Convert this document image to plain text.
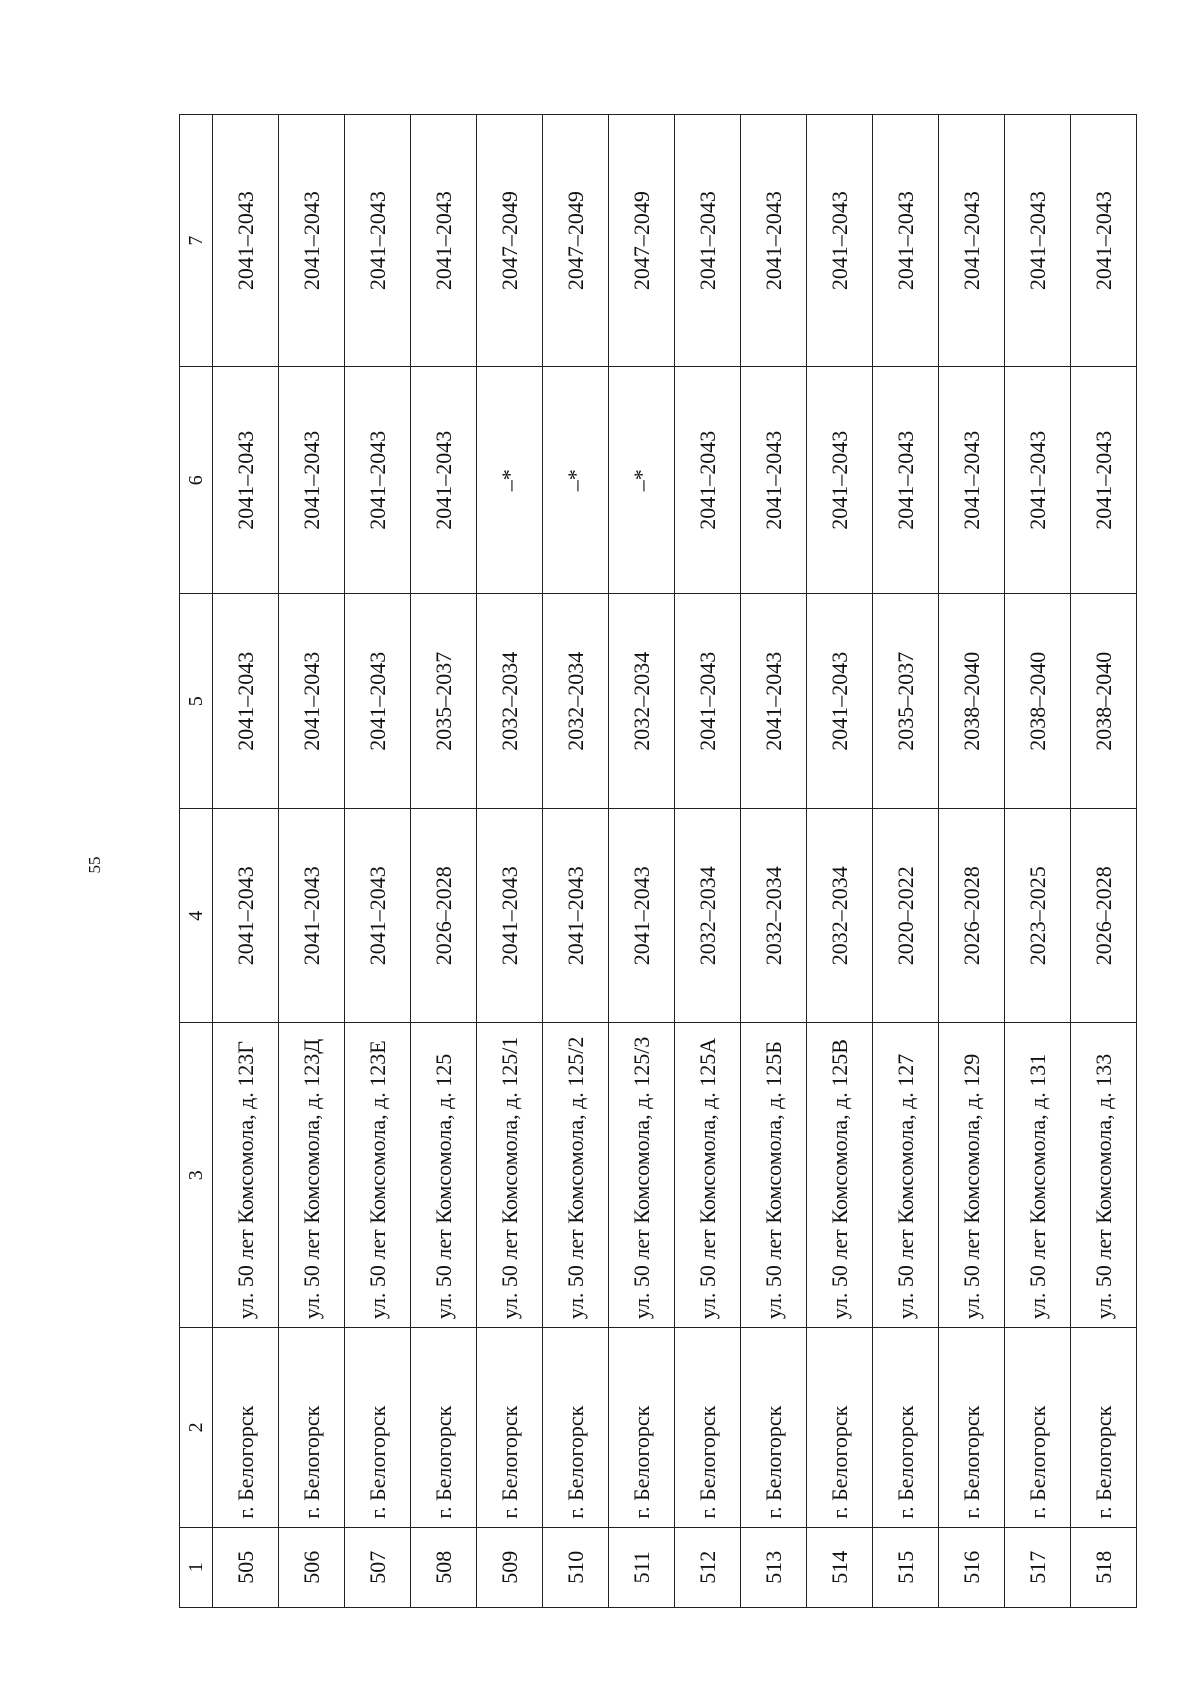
55
1	2	3	4	5	6	7
505	г. Белогорск	ул. 50 лет Комсомола, д. 123Г	2041–2043	2041–2043	2041–2043	2041–2043
506	г. Белогорск	ул. 50 лет Комсомола, д. 123Д	2041–2043	2041–2043	2041–2043	2041–2043
507	г. Белогорск	ул. 50 лет Комсомола, д. 123Е	2041–2043	2041–2043	2041–2043	2041–2043
508	г. Белогорск	ул. 50 лет Комсомола, д. 125	2026–2028	2035–2037	2041–2043	2041–2043
509	г. Белогорск	ул. 50 лет Комсомола, д. 125/1	2041–2043	2032–2034	–*	2047–2049
510	г. Белогорск	ул. 50 лет Комсомола, д. 125/2	2041–2043	2032–2034	–*	2047–2049
511	г. Белогорск	ул. 50 лет Комсомола, д. 125/3	2041–2043	2032–2034	–*	2047–2049
512	г. Белогорск	ул. 50 лет Комсомола, д. 125А	2032–2034	2041–2043	2041–2043	2041–2043
513	г. Белогорск	ул. 50 лет Комсомола, д. 125Б	2032–2034	2041–2043	2041–2043	2041–2043
514	г. Белогорск	ул. 50 лет Комсомола, д. 125В	2032–2034	2041–2043	2041–2043	2041–2043
515	г. Белогорск	ул. 50 лет Комсомола, д. 127	2020–2022	2035–2037	2041–2043	2041–2043
516	г. Белогорск	ул. 50 лет Комсомола, д. 129	2026–2028	2038–2040	2041–2043	2041–2043
517	г. Белогорск	ул. 50 лет Комсомола, д. 131	2023–2025	2038–2040	2041–2043	2041–2043
518	г. Белогорск	ул. 50 лет Комсомола, д. 133	2026–2028	2038–2040	2041–2043	2041–2043
